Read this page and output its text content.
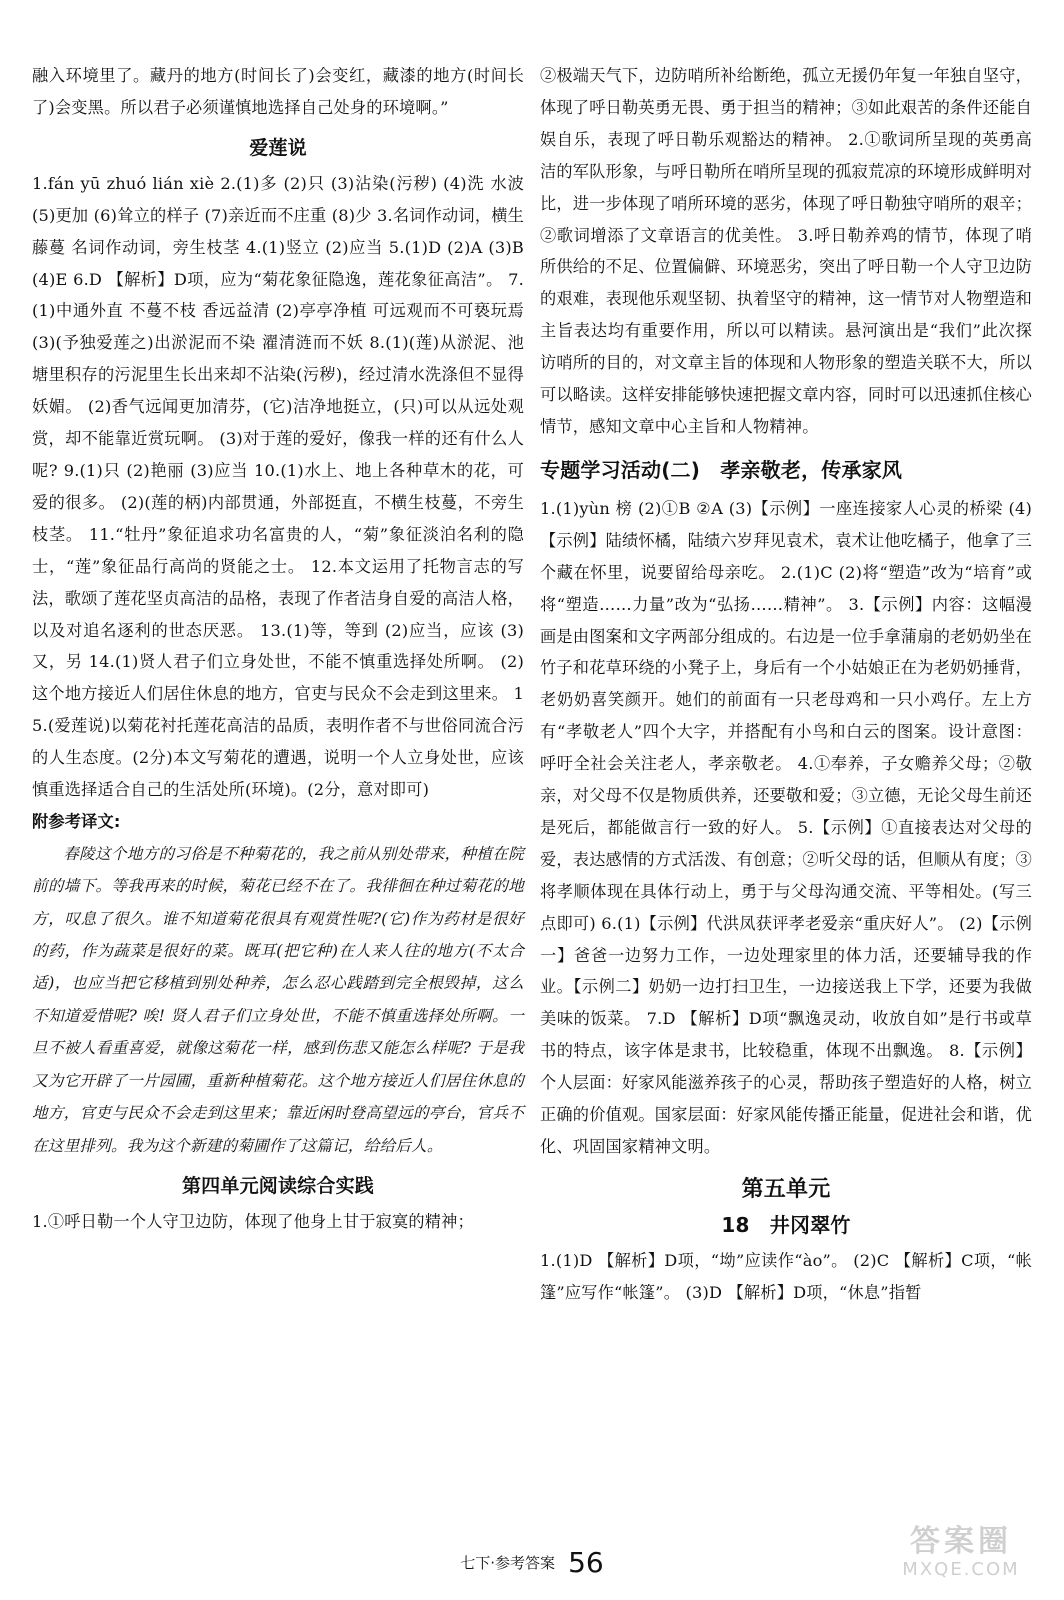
融入环境里了。藏丹的地方(时间长了)会变红，藏漆的地方(时间长了)会变黑。所以君子必须谨慎地选择自己处身的环境啊。”

爱莲说

1.fán yū zhuó lián xiè 2.(1)多 (2)只 (3)沾染(污秽) (4)洗 水波 (5)更加 (6)耸立的样子 (7)亲近而不庄重 (8)少 3.名词作动词，横生藤蔓 名词作动词，旁生枝茎 4.(1)竖立 (2)应当 5.(1)D (2)A (3)B (4)E 6.D 【解析】D项，应为“菊花象征隐逸，莲花象征高洁”。 7.(1)中通外直 不蔓不枝 香远益清 (2)亭亭净植 可远观而不可亵玩焉 (3)(予独爱莲之)出淤泥而不染 濯清涟而不妖 8.(1)(莲)从淤泥、池塘里积存的污泥里生长出来却不沾染(污秽)，经过清水洗涤但不显得妖媚。 (2)香气远闻更加清芬，(它)洁净地挺立，(只)可以从远处观赏，却不能靠近赏玩啊。 (3)对于莲的爱好，像我一样的还有什么人呢? 9.(1)只 (2)艳丽 (3)应当 10.(1)水上、地上各种草木的花，可爱的很多。 (2)(莲的柄)内部贯通，外部挺直，不横生枝蔓，不旁生枝茎。 11.“牡丹”象征追求功名富贵的人，“菊”象征淡泊名利的隐士，“莲”象征品行高尚的贤能之士。 12.本文运用了托物言志的写法，歌颂了莲花坚贞高洁的品格，表现了作者洁身自爱的高洁人格，以及对追名逐利的世态厌恶。 13.(1)等，等到 (2)应当，应该 (3)又，另 14.(1)贤人君子们立身处世，不能不慎重选择处所啊。 (2)这个地方接近人们居住休息的地方，官吏与民众不会走到这里来。 15.(爱莲说)以菊花衬托莲花高洁的品质，表明作者不与世俗同流合污的人生态度。(2分)本文写菊花的遭遇，说明一个人立身处世，应该慎重选择适合自己的生活处所(环境)。(2分，意对即可)

附参考译文:

春陵这个地方的习俗是不种菊花的，我之前从别处带来，种植在院前的墙下。等我再来的时候，菊花已经不在了。我徘徊在种过菊花的地方，叹息了很久。谁不知道菊花很具有观赏性呢?(它)作为药材是很好的药，作为蔬菜是很好的菜。既耳(把它种)在人来人往的地方(不太合适)，也应当把它移植到别处种养，怎么忍心践踏到完全根毁掉，这么不知道爱惜呢? 唉! 贤人君子们立身处世，不能不慎重选择处所啊。一旦不被人看重喜爱，就像这菊花一样，感到伤悲又能怎么样呢? 于是我又为它开辟了一片园圃，重新种植菊花。这个地方接近人们居住休息的地方，官吏与民众不会走到这里来；靠近闲时登高望远的亭台，官兵不在这里排列。我为这个新建的菊圃作了这篇记，给给后人。

第四单元阅读综合实践

1.①呼日勒一个人守卫边防，体现了他身上甘于寂寞的精神；

②极端天气下，边防哨所补给断绝，孤立无援仍年复一年独自坚守，体现了呼日勒英勇无畏、勇于担当的精神；③如此艰苦的条件还能自娱自乐，表现了呼日勒乐观豁达的精神。 2.①歌词所呈现的英勇高洁的军队形象，与呼日勒所在哨所呈现的孤寂荒凉的环境形成鲜明对比，进一步体现了哨所环境的恶劣，体现了呼日勒独守哨所的艰辛；②歌词增添了文章语言的优美性。 3.呼日勒养鸡的情节，体现了哨所供给的不足、位置偏僻、环境恶劣，突出了呼日勒一个人守卫边防的艰难，表现他乐观坚韧、执着坚守的精神，这一情节对人物塑造和主旨表达均有重要作用，所以可以精读。悬河演出是“我们”此次探访哨所的目的，对文章主旨的体现和人物形象的塑造关联不大，所以可以略读。这样安排能够快速把握文章内容，同时可以迅速抓住核心情节，感知文章中心主旨和人物精神。

专题学习活动(二)　孝亲敬老，传承家风

1.(1)yùn 榜 (2)①B ②A (3)【示例】一座连接家人心灵的桥梁 (4)【示例】陆绩怀橘，陆绩六岁拜见袁术，袁术让他吃橘子，他拿了三个藏在怀里，说要留给母亲吃。 2.(1)C (2)将“塑造”改为“培育”或将“塑造……力量”改为“弘扬……精神”。 3.【示例】内容：这幅漫画是由图案和文字两部分组成的。右边是一位手拿蒲扇的老奶奶坐在竹子和花草环绕的小凳子上，身后有一个小姑娘正在为老奶奶捶背，老奶奶喜笑颜开。她们的前面有一只老母鸡和一只小鸡仔。左上方有“孝敬老人”四个大字，并搭配有小鸟和白云的图案。设计意图：呼吁全社会关注老人，孝亲敬老。 4.①奉养，子女赡养父母；②敬亲，对父母不仅是物质供养，还要敬和爱；③立德，无论父母生前还是死后，都能做言行一致的好人。 5.【示例】①直接表达对父母的爱，表达感情的方式活泼、有创意；②听父母的话，但顺从有度；③将孝顺体现在具体行动上，勇于与父母沟通交流、平等相处。(写三点即可) 6.(1)【示例】代洪凤获评孝老爱亲“重庆好人”。 (2)【示例一】爸爸一边努力工作，一边处理家里的体力活，还要辅导我的作业。【示例二】奶奶一边打扫卫生，一边接送我上下学，还要为我做美味的饭菜。 7.D 【解析】D项“飘逸灵动，收放自如”是行书或草书的特点，该字体是隶书，比较稳重，体现不出飘逸。 8.【示例】个人层面：好家风能滋养孩子的心灵，帮助孩子塑造好的人格，树立正确的价值观。国家层面：好家风能传播正能量，促进社会和谐，优化、巩固国家精神文明。

第五单元
18　井冈翠竹

1.(1)D 【解析】D项，“坳”应读作“ào”。 (2)C 【解析】C项，“帐篷”应写作“帐篷”。 (3)D 【解析】D项，“休息”指暂

七下·参考答案 56
答案圈
MXQE.COM
